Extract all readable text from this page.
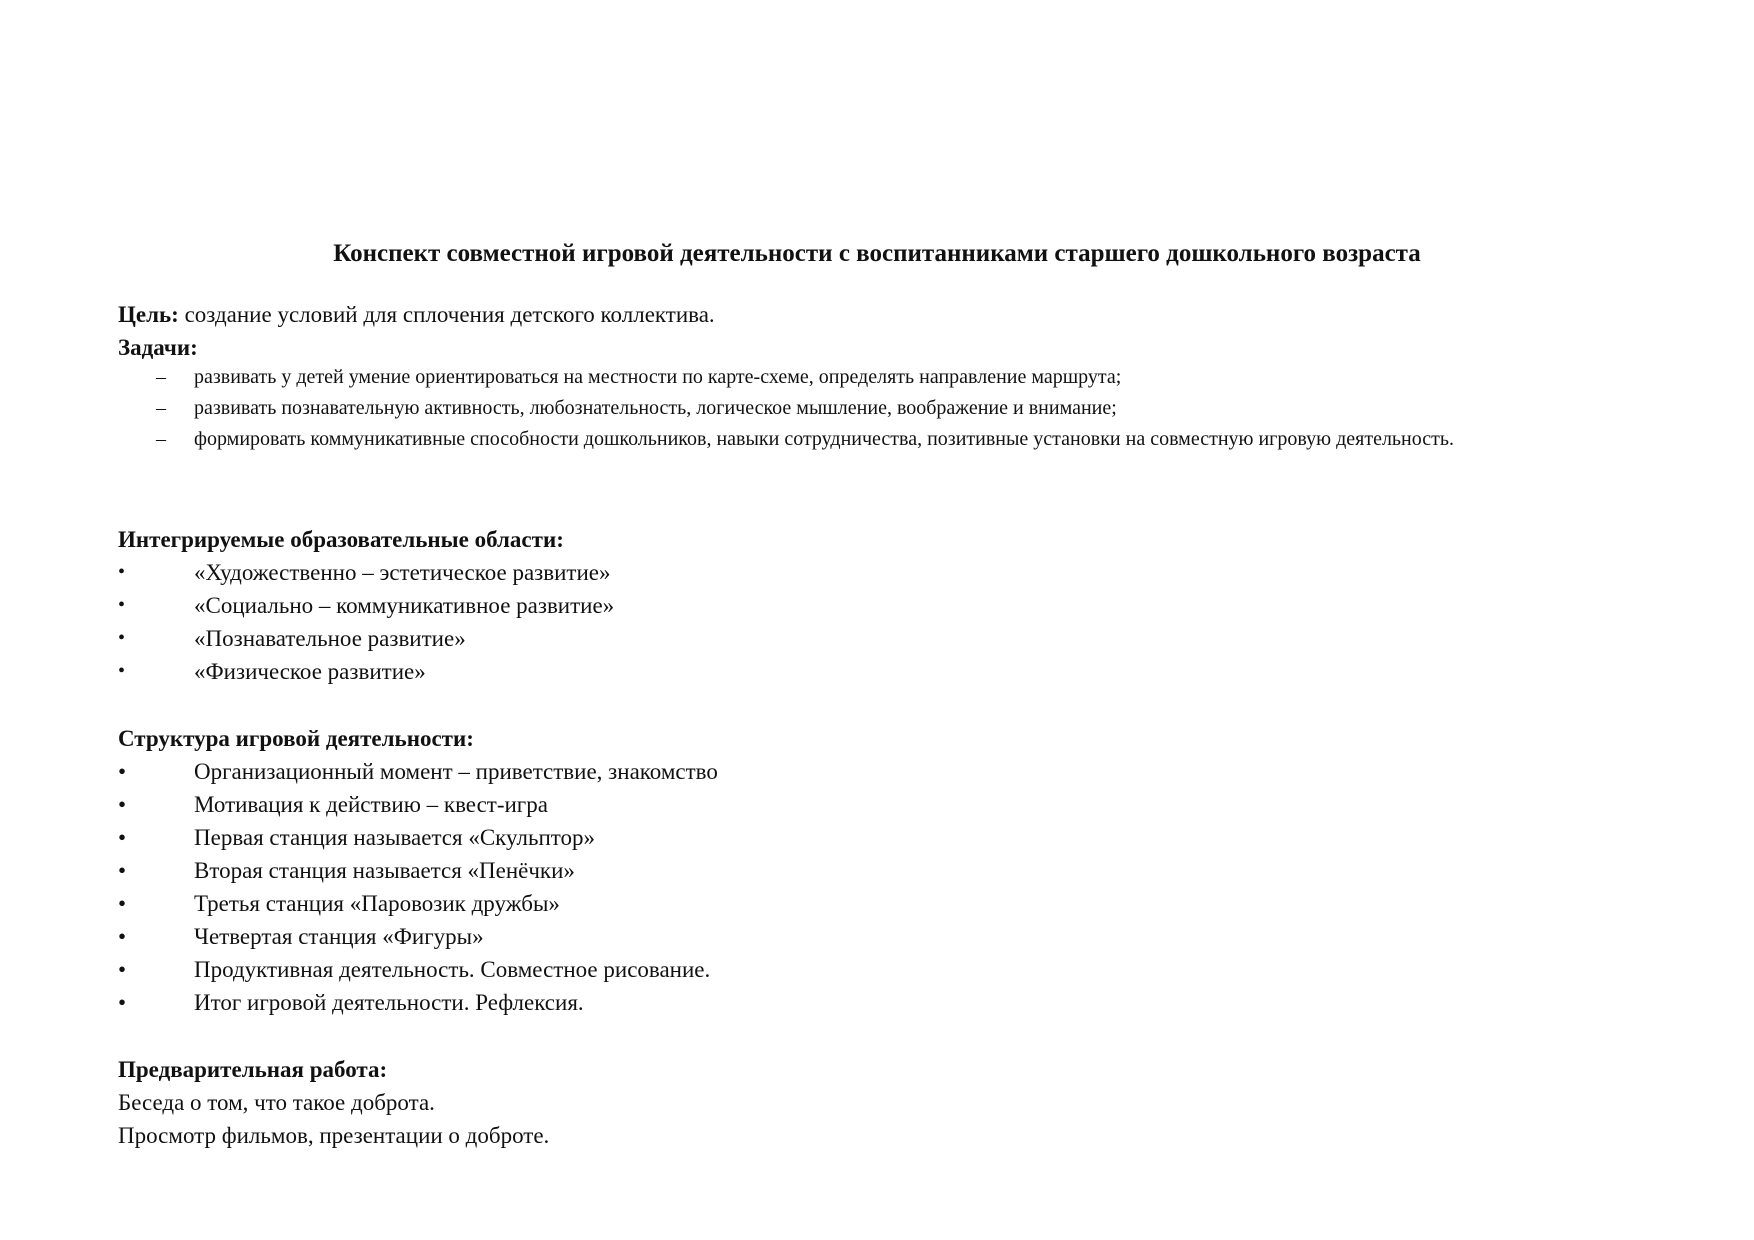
Конспект совместной игровой деятельности с воспитанниками старшего дошкольного возраста
Цель: создание условий для сплочения детского коллектива.
Задачи:
– развивать у детей умение ориентироваться на местности по карте-схеме, определять направление маршрута;
– развивать познавательную активность, любознательность, логическое мышление, воображение и внимание;
– формировать коммуникативные способности дошкольников, навыки сотрудничества, позитивные установки на совместную игровую деятельность.
Интегрируемые образовательные области:
•	«Художественно – эстетическое развитие»
•	«Социально – коммуникативное развитие»
•	«Познавательное развитие»
•	«Физическое развитие»
Структура игровой деятельности:
•	Организационный момент – приветствие, знакомство
•	Мотивация к действию – квест-игра
•	Первая станция называется «Скульптор»
•	Вторая станция называется «Пенёчки»
•	Третья станция «Паровозик дружбы»
•	Четвертая станция «Фигуры»
•	Продуктивная деятельность. Совместное рисование.
•	Итог игровой деятельности. Рефлексия.
Предварительная работа:
Беседа о том, что такое доброта.
Просмотр фильмов, презентации о доброте.
